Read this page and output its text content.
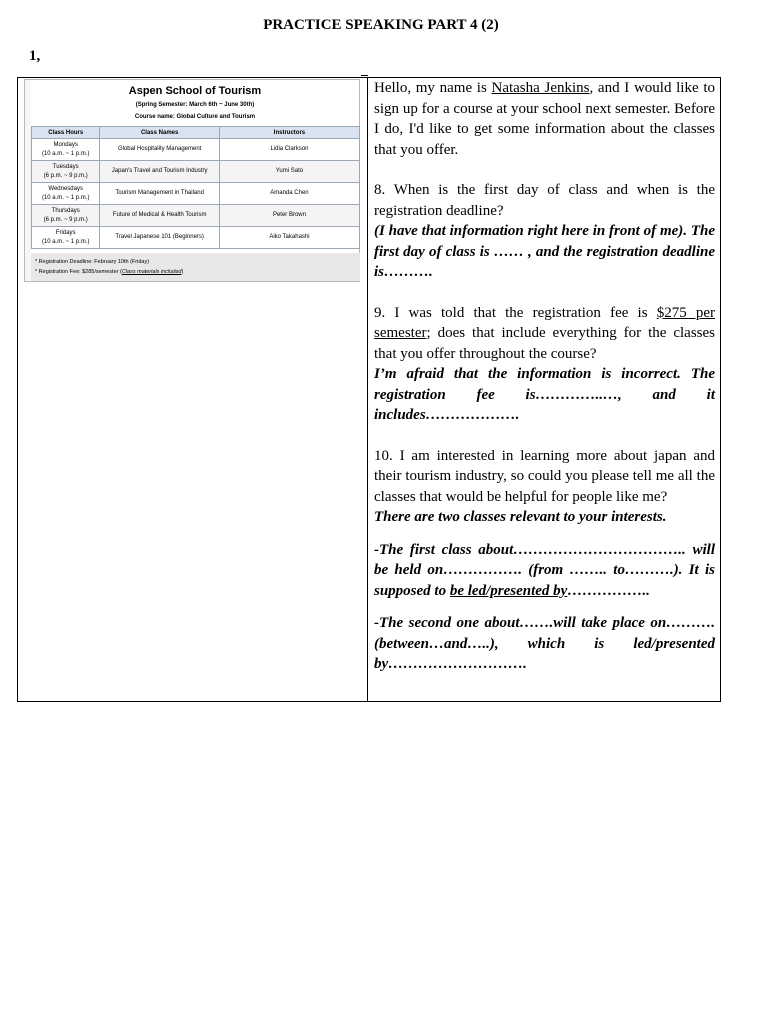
PRACTICE SPEAKING PART 4 (2)
1,
Aspen School of Tourism
(Spring Semester: March 6th ~ June 30th)
Course name: Global Culture and Tourism
Class Hours	Class Names	Instructors
Mondays
(10 a.m. ~ 1 p.m.)	Global Hospitality Management	Lidia Clarkson
Tuesdays
(6 p.m. ~ 9 p.m.)	Japan's Travel and Tourism Industry	Yumi Sato
Wednesdays
(10 a.m. ~ 1 p.m.)	Tourism Management in Thailand	Amanda Chen
Thursdays
(6 p.m. ~ 9 p.m.)	Future of Medical & Health Tourism	Peter Brown
Fridays
(10 a.m. ~ 1 p.m.)	Travel Japanese 101 (Beginners)	Aiko Takahashi
* Registration Deadline: February 10th (Friday)
* Registration Fee: $285/semester (Class materials included)

Hello, my name is Natasha Jenkins, and I would like to sign up for a course at your school next semester. Before I do, I'd like to get some information about the classes that you offer.

8. When is the first day of class and when is the registration deadline?

(I have that information right here in front of me). The first day of class is …… , and the registration deadline is……….

9. I was told that the registration fee is $275 per semester; does that include everything for the classes that you offer throughout the course?

I’m afraid that the information is incorrect. The registration fee is…………..…, and it includes……………….

10. I am interested in learning more about japan and their tourism industry, so could you please tell me all the classes that would be helpful for people like me?

There are two classes relevant to your interests.

-The first class about…………………………….. will be held on……………. (from …….. to……….). It is supposed to be led/presented by……………..

-The second one about…….will take place on………. (between…and…..), which is led/presented by……………………….
